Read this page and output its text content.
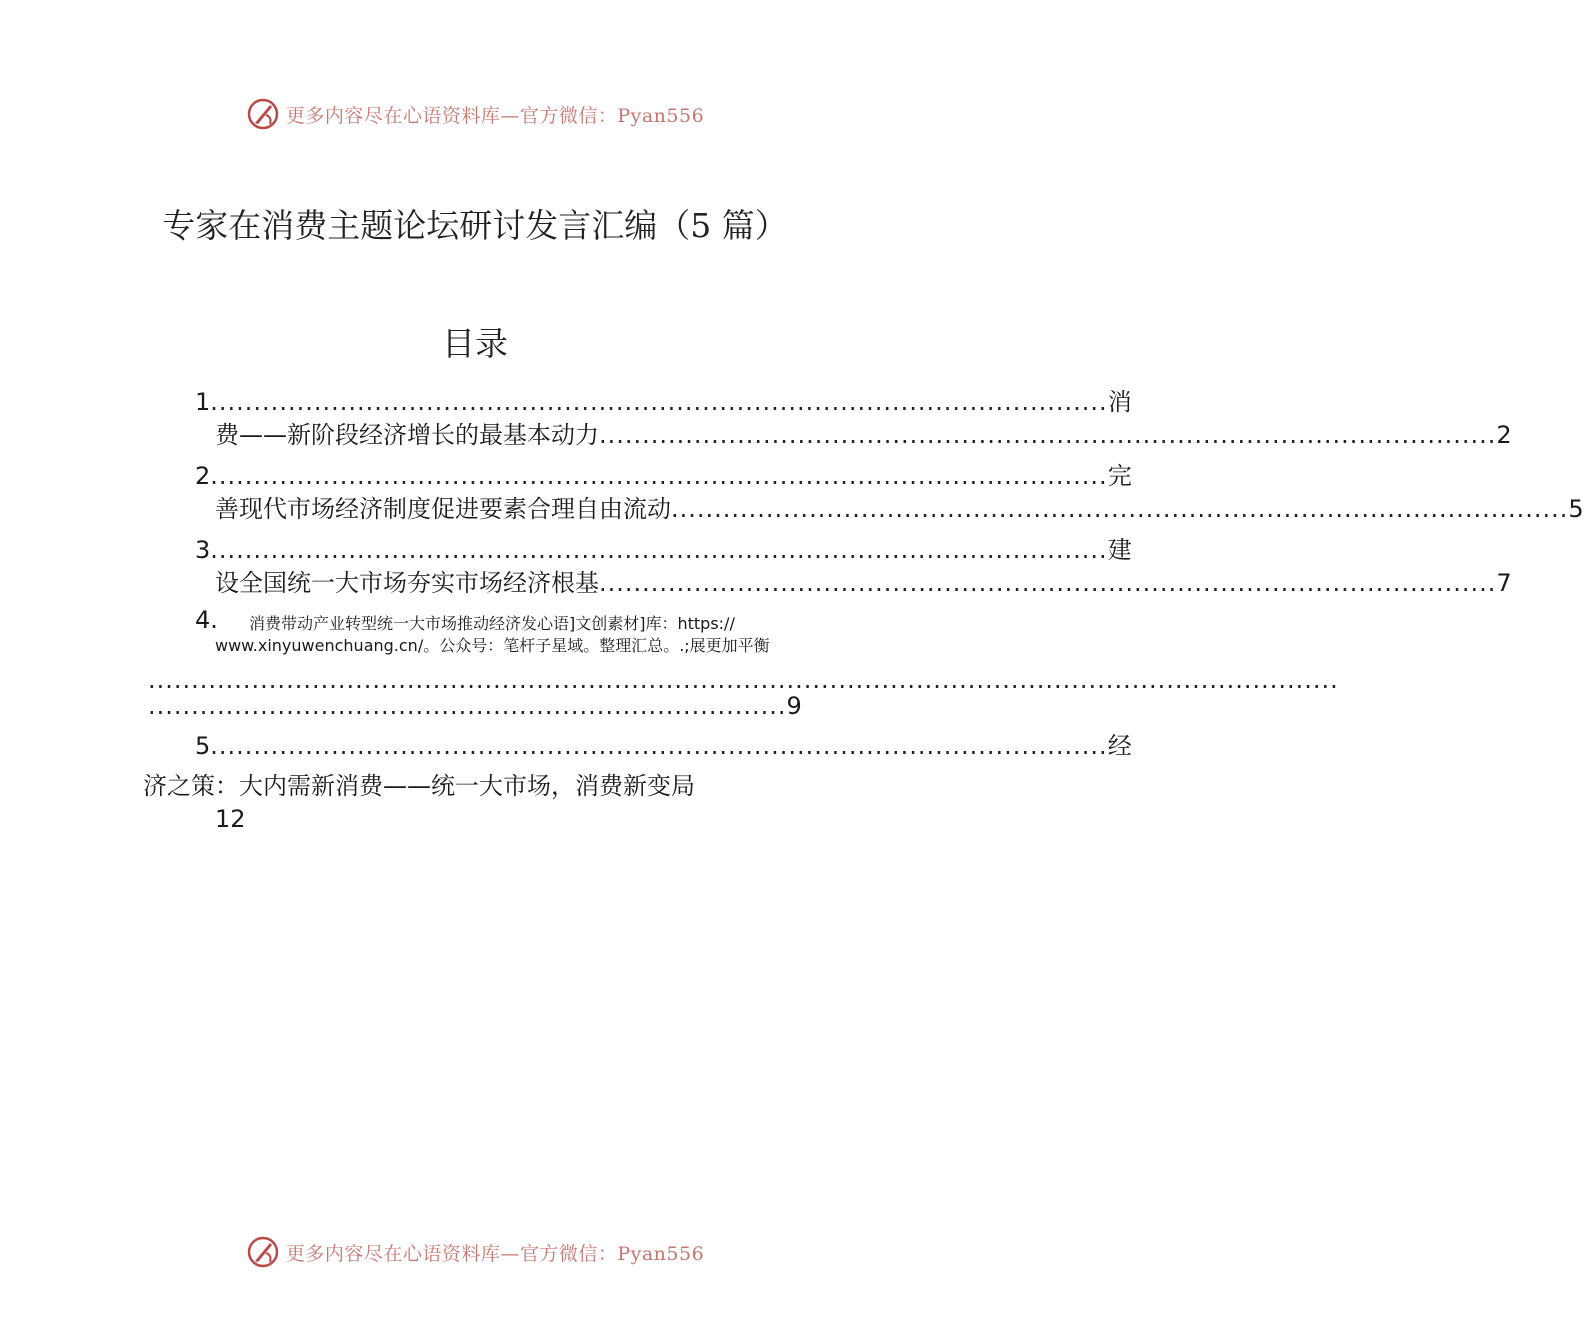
更多内容尽在心语资料库—官方微信：Pyan556
专家在消费主题论坛研讨发言汇编（5 篇）
目录
1 ........................................................................................................ 消
费——新阶段经济增长的最基本动力 ........................................................................................................ 2
2 ........................................................................................................ 完
善现代市场经济制度促进要素合理自由流动 ........................................................................................................ 5
3 ........................................................................................................ 建
设全国统一大市场夯实市场经济根基 ........................................................................................................ 7
4.	消费带动产业转型统一大市场推动经济发心语]文创素材]库：https://
www.xinyuwenchuang.cn/。公众号：笔杆子星域。整理汇总。.;展更加平衡
..........................................................................................................................................
.......................................................................... 9
5 ........................................................................................................ 经
济之策：大内需新消费——统一大市场，消费新变局
12
更多内容尽在心语资料库—官方微信：Pyan556
